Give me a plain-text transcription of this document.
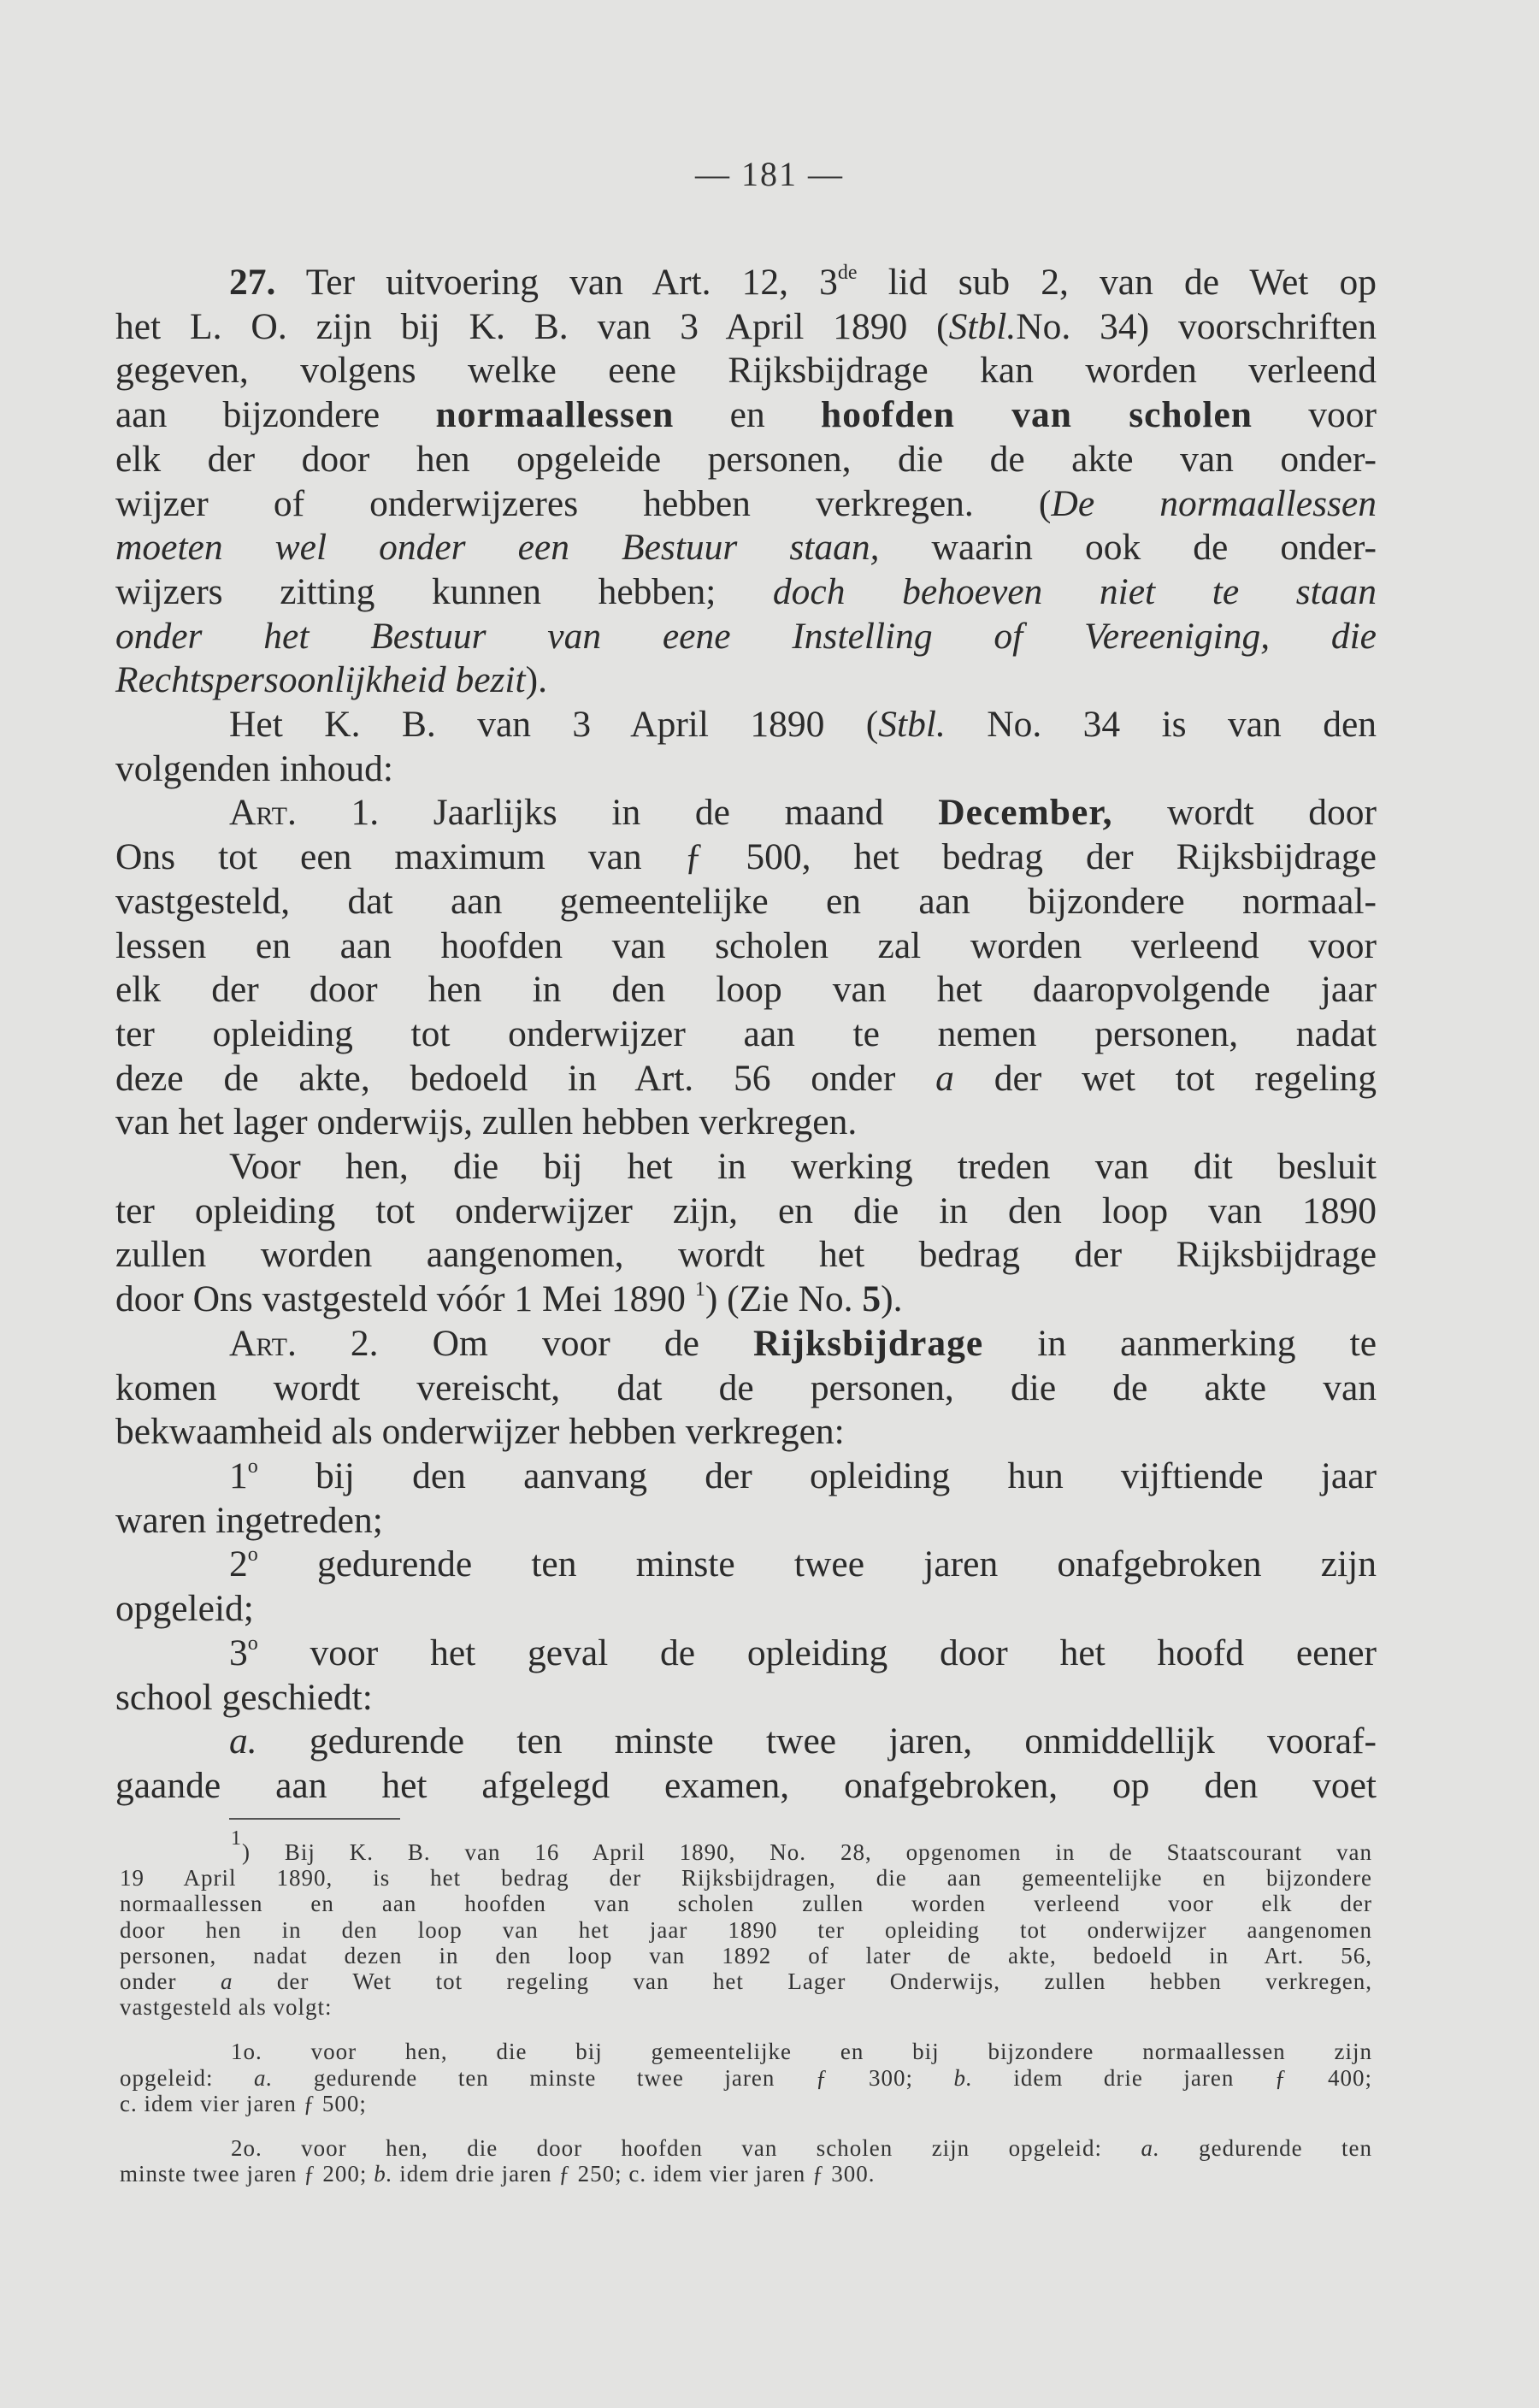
— 181 —
27. Ter uitvoering van Art. 12, 3de lid sub 2, van de Wet op
het L. O. zijn bij K. B. van 3 April 1890 (Stbl.No. 34) voorschriften
gegeven, volgens welke eene Rijksbijdrage kan worden verleend
aan bijzondere normaallessen en hoofden van scholen voor
elk der door hen opgeleide personen, die de akte van onder-
wijzer of onderwijzeres hebben verkregen. (De normaallessen
moeten wel onder een Bestuur staan, waarin ook de onder-
wijzers zitting kunnen hebben; doch behoeven niet te staan
onder het Bestuur van eene Instelling of Vereeniging, die
Rechtspersoonlijkheid bezit).
Het K. B. van 3 April 1890 (Stbl. No. 34 is van den
volgenden inhoud:
Art. 1. Jaarlijks in de maand December, wordt door
Ons tot een maximum van ƒ 500, het bedrag der Rijksbijdrage
vastgesteld, dat aan gemeentelijke en aan bijzondere normaal-
lessen en aan hoofden van scholen zal worden verleend voor
elk der door hen in den loop van het daaropvolgende jaar
ter opleiding tot onderwijzer aan te nemen personen, nadat
deze de akte, bedoeld in Art. 56 onder a der wet tot regeling
van het lager onderwijs, zullen hebben verkregen.
Voor hen, die bij het in werking treden van dit besluit
ter opleiding tot onderwijzer zijn, en die in den loop van 1890
zullen worden aangenomen, wordt het bedrag der Rijksbijdrage
door Ons vastgesteld vóór 1 Mei 1890 $^1$) (Zie No. 5).
Art. 2. Om voor de Rijksbijdrage in aanmerking te
komen wordt vereischt, dat de personen, die de akte van
bekwaamheid als onderwijzer hebben verkregen:
1$^o$ bij den aanvang der opleiding hun vijftiende jaar
waren ingetreden;
2$^o$ gedurende ten minste twee jaren onafgebroken zijn
opgeleid;
3$^o$ voor het geval de opleiding door het hoofd eener
school geschiedt:
a. gedurende ten minste twee jaren, onmiddellijk vooraf-
gaande aan het afgelegd examen, onafgebroken, op den voet
$^1$) Bij K. B. van 16 April 1890, No. 28, opgenomen in de Staatscourant van
19 April 1890, is het bedrag der Rijksbijdragen, die aan gemeentelijke en bijzondere
normaallessen en aan hoofden van scholen zullen worden verleend voor elk der
door hen in den loop van het jaar 1890 ter opleiding tot onderwijzer aangenomen
personen, nadat dezen in den loop van 1892 of later de akte, bedoeld in Art. 56,
onder a der Wet tot regeling van het Lager Onderwijs, zullen hebben verkregen,
vastgesteld als volgt:
1o. voor hen, die bij gemeentelijke en bij bijzondere normaallessen zijn
opgeleid: a. gedurende ten minste twee jaren ƒ 300; b. idem drie jaren ƒ 400;
c. idem vier jaren ƒ 500;
2o. voor hen, die door hoofden van scholen zijn opgeleid: a. gedurende ten
minste twee jaren ƒ 200; b. idem drie jaren ƒ 250; c. idem vier jaren ƒ 300.
